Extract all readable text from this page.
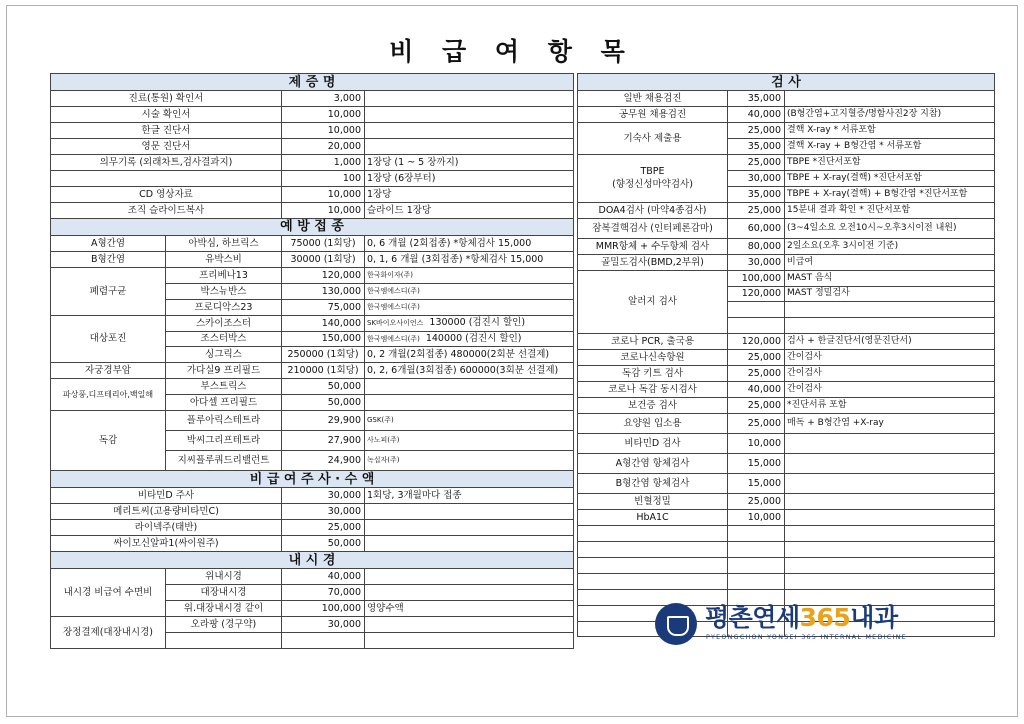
비 급 여 항 목
제 증 명			
진료(통원) 확인서		3,000	
시술 확인서		10,000	
한글 진단서		10,000	
영문 진단서		20,000	
의무기록 (외래차트,검사결과지)		1,000	1장당 (1 ~ 5 장까지)
		100	1장당 (6장부터)
CD 영상자료		10,000	1장당
조직 슬라이드복사		10,000	슬라이드 1장당
예 방 접 종			
A형간염	아박심, 하브릭스	75000 (1회당)	0, 6 개월 (2회접종) *항체검사 15,000
B형간염	유박스비	30000 (1회당)	0, 1, 6 개월 (3회접종) *항체검사 15,000
폐렴구균	프리베나13	120,000	한국화이자(주)
	박스뉴반스	130,000	한국엠에스디(주)
	프로디악스23	75,000	한국엠에스디(주)
대상포진	스카이조스터	140,000	SK바이오사이언스 130000 (검진시 할인)
	조스터박스	150,000	한국엠에스디(주) 140000 (검진시 할인)
	싱그릭스	250000 (1회당)	0, 2 개월(2회접종) 480000(2회분 선결제)
자궁경부암	가다실9 프리필드	210000 (1회당)	0, 2, 6개월(3회접종) 600000(3회분 선결제)
파상풍,디프테리아,백일해	부스트릭스	50,000	
	아다셀 프리필드	50,000	
독감	플루아릭스테트라	29,900	GSK(주)
	박씨그리프테트라	27,900	사노피(주)
	지씨플루쿼드리밸런트	24,900	녹십자(주)
비 급 여 주 사 · 수 액			
비타민D 주사		30,000	1회당, 3개월마다 접종
메리트씨(고용량비타민C)		30,000	
라이넥주(태반)		25,000	
싸이모신알파1(싸이원주)		50,000	
내 시 경			
내시경 비급여 수면비	위내시경	40,000	
	대장내시경	70,000	
	위.대장내시경 같이	100,000	영양수액
장정결제(대장내시경)	오라팡 (경구약)	30,000	

검 사		
일반 채용검진	35,000	
공무원 채용검진	40,000	(B형간염+고지혈증/명함사진2장 지참)
기숙사 제출용	25,000	결핵 X-ray * 서류포함
	35,000	결핵 X-ray + B형간염 * 서류포함

TBPE
(향정신성마약검사)	25,000	TBPE *진단서포함
	30,000	TBPE + X-ray(결핵) *진단서포함
	35,000	TBPE + X-ray(결핵) + B형간염 *진단서포함
DOA4검사 (마약4종검사)	25,000	15분내 결과 확인 * 진단서포함
잠복결핵검사 (인터페론감마)	60,000	(3~4일소요 오전10시~오후3시이전 내원)
MMR항체 + 수두항체 검사	80,000	2일소요(오후 3시이전 기준)
골밀도검사(BMD,2부위)	30,000	비급여
알러지 검사	100,000	MAST 음식
	120,000	MAST 정밀검사

코로나 PCR, 출국용	120,000	검사 + 한글진단서(영문진단서)
코로나신속항원	25,000	간이검사
독감 키트 검사	25,000	간이검사
코로나 독감 동시검사	40,000	간이검사
보건증 검사	25,000	*진단서류 포함
요양원 입소용	25,000	매독 + B형간염 +X-ray
비타민D 검사	10,000	
A형간염 항체검사	15,000	
B형간염 항체검사	15,000	
빈혈정밀	25,000	
HbA1C	10,000	

평촌연세365내과
PYEONGCHON YONSEI 365 INTERNAL MEDICINE
